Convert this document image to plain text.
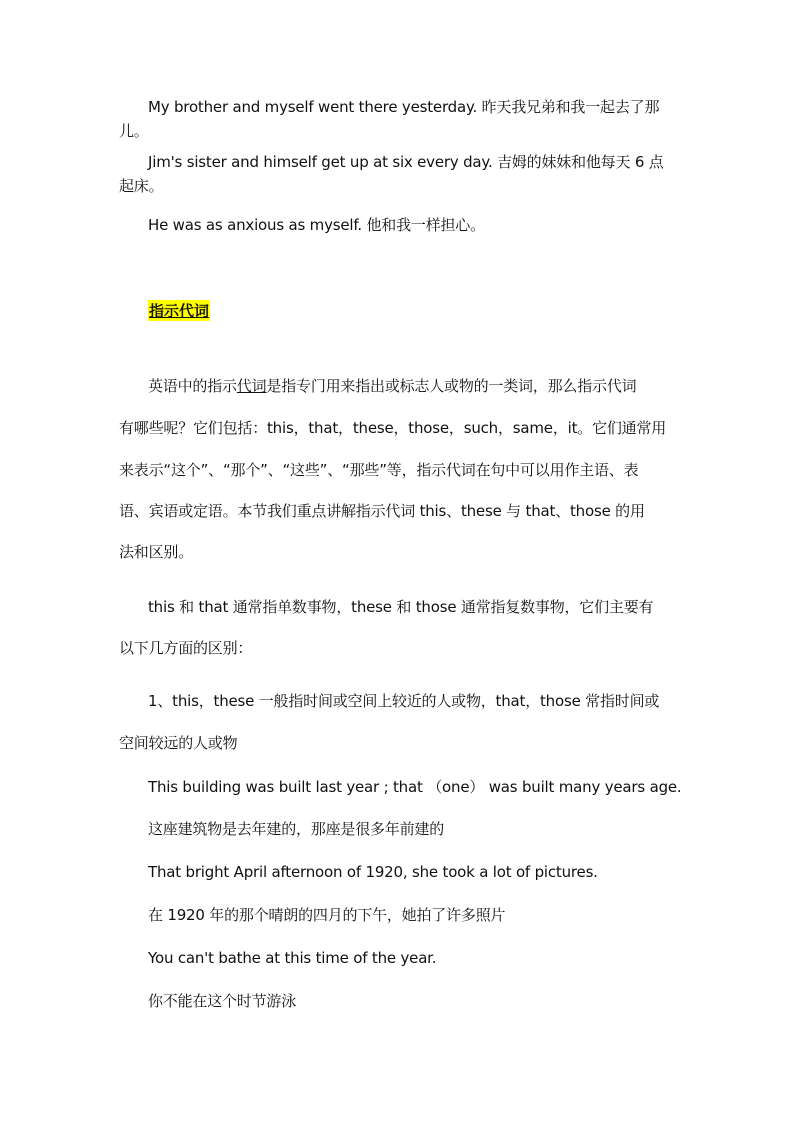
My brother and myself went there yesterday. 昨天我兄弟和我一起去了那
儿。
Jim's sister and himself get up at six every day. 吉姆的妹妹和他每天 6 点
起床。
He was as anxious as myself. 他和我一样担心。
指示代词
英语中的指示代词是指专门用来指出或标志人或物的一类词，那么指示代词
有哪些呢？它们包括：this，that，these，those，such，same，it。它们通常用
来表示“这个”、“那个”、“这些”、“那些”等，指示代词在句中可以用作主语、表
语、宾语或定语。本节我们重点讲解指示代词 this、these 与 that、those 的用
法和区别。
this 和 that 通常指单数事物，these 和 those 通常指复数事物，它们主要有
以下几方面的区别：
1、this，these 一般指时间或空间上较近的人或物，that，those 常指时间或
空间较远的人或物
This building was built last year ; that （one） was built many years age.
这座建筑物是去年建的，那座是很多年前建的
That bright April afternoon of 1920, she took a lot of pictures.
在 1920 年的那个晴朗的四月的下午，她拍了许多照片
You can't bathe at this time of the year.
你不能在这个时节游泳
